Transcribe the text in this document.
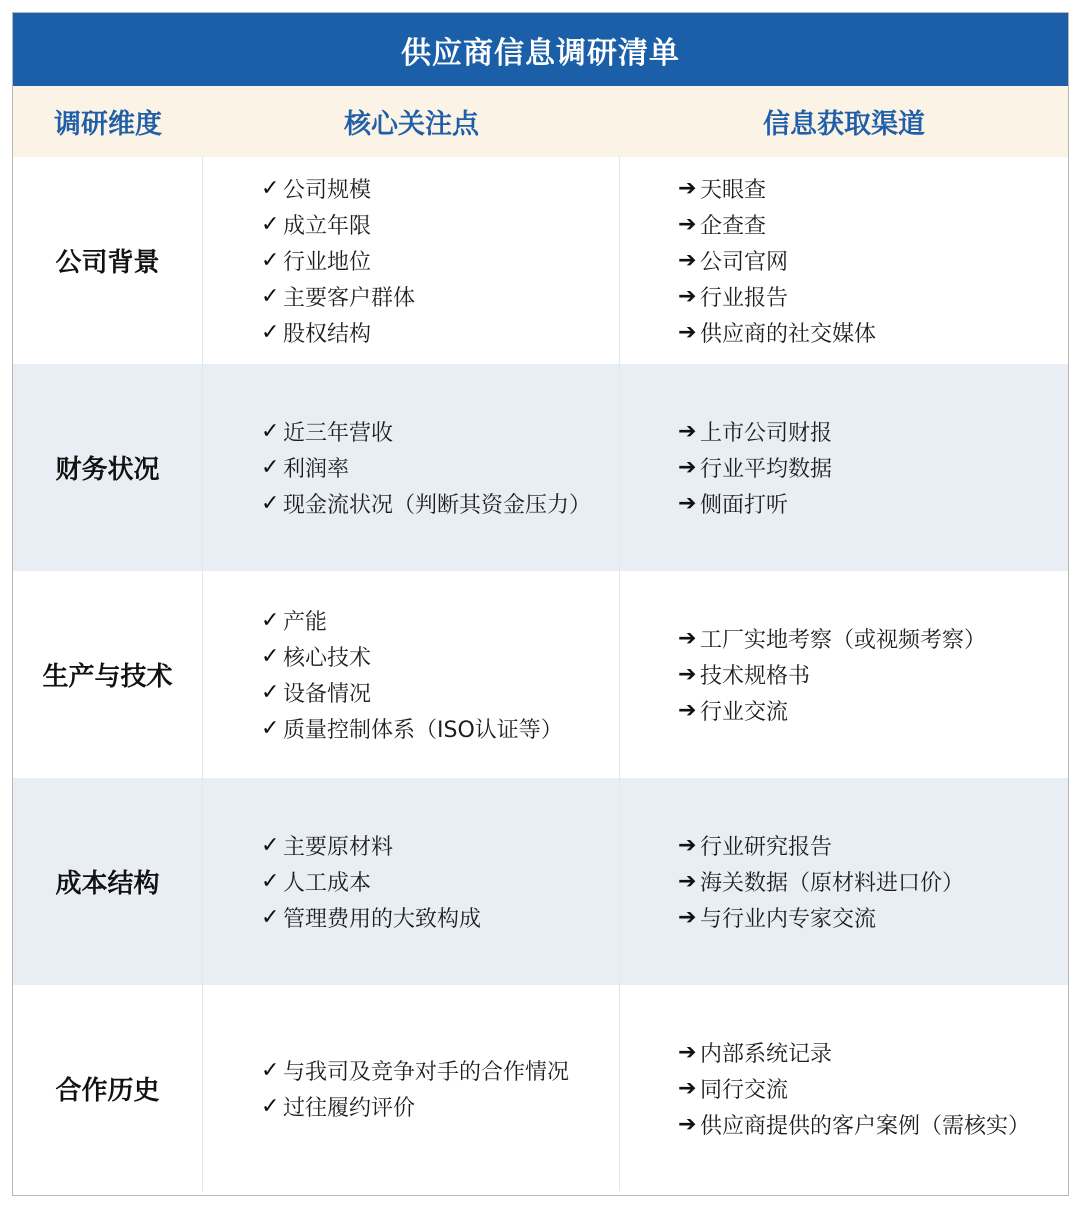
供应商信息调研清单
调研维度	核心关注点	信息获取渠道
公司背景
✓ 公司规模
✓ 成立年限
✓ 行业地位
✓ 主要客户群体
✓ 股权结构
➔ 天眼查
➔ 企查查
➔ 公司官网
➔ 行业报告
➔ 供应商的社交媒体
财务状况
✓ 近三年营收
✓ 利润率
✓ 现金流状况（判断其资金压力）
➔ 上市公司财报
➔ 行业平均数据
➔ 侧面打听
生产与技术
✓ 产能
✓ 核心技术
✓ 设备情况
✓ 质量控制体系（ISO认证等）
➔ 工厂实地考察（或视频考察）
➔ 技术规格书
➔ 行业交流
成本结构
✓ 主要原材料
✓ 人工成本
✓ 管理费用的大致构成
➔ 行业研究报告
➔ 海关数据（原材料进口价）
➔ 与行业内专家交流
合作历史
✓ 与我司及竞争对手的合作情况
✓ 过往履约评价
➔ 内部系统记录
➔ 同行交流
➔ 供应商提供的客户案例（需核实）
